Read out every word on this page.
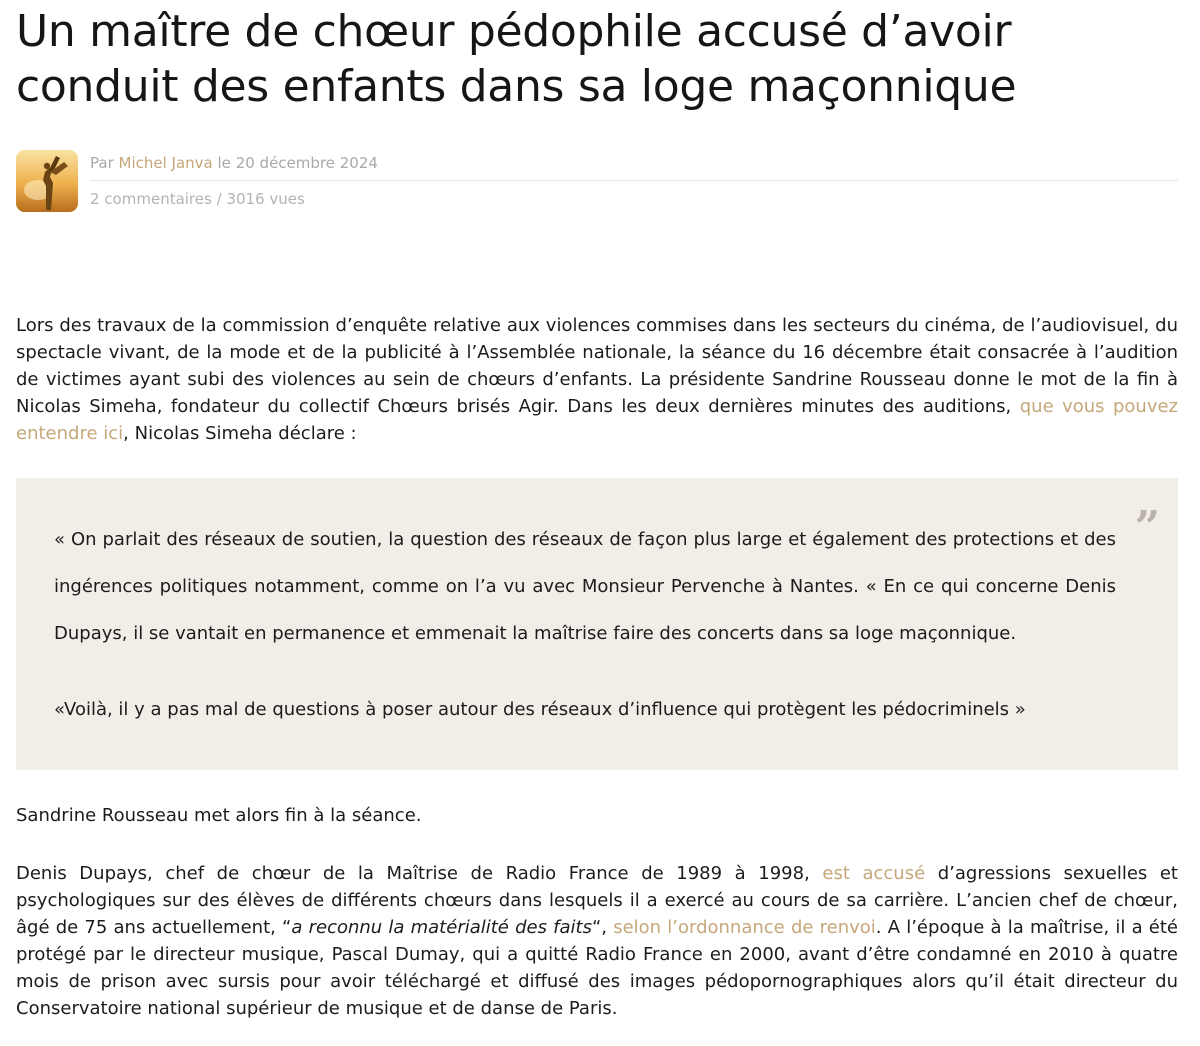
Un maître de chœur pédophile accusé d’avoir conduit des enfants dans sa loge maçonnique
Par Michel Janva le 20 décembre 2024
2 commentaires / 3016 vues

Lors des travaux de la commission d’enquête relative aux violences commises dans les secteurs du cinéma, de l’audiovisuel, du spectacle vivant, de la mode et de la publicité à l’Assemblée nationale, la séance du 16 décembre était consacrée à l’audition de victimes ayant subi des violences au sein de chœurs d’enfants. La présidente Sandrine Rousseau donne le mot de la fin à Nicolas Simeha, fondateur du collectif Chœurs brisés Agir. Dans les deux dernières minutes des auditions, que vous pouvez entendre ici, Nicolas Simeha déclare :

”

« On parlait des réseaux de soutien, la question des réseaux de façon plus large et également des protections et des ingérences politiques notamment, comme on l’a vu avec Monsieur Pervenche à Nantes. « En ce qui concerne Denis Dupays, il se vantait en permanence et emmenait la maîtrise faire des concerts dans sa loge maçonnique.

«Voilà, il y a pas mal de questions à poser autour des réseaux d’influence qui protègent les pédocriminels »

Sandrine Rousseau met alors fin à la séance.

Denis Dupays, chef de chœur de la Maîtrise de Radio France de 1989 à 1998, est accusé d’agressions sexuelles et psychologiques sur des élèves de différents chœurs dans lesquels il a exercé au cours de sa carrière. L’ancien chef de chœur, âgé de 75 ans actuellement, “a reconnu la matérialité des faits“, selon l’ordonnance de renvoi. A l’époque à la maîtrise, il a été protégé par le directeur musique, Pascal Dumay, qui a quitté Radio France en 2000, avant d’être condamné en 2010 à quatre mois de prison avec sursis pour avoir téléchargé et diffusé des images pédopornographiques alors qu’il était directeur du Conservatoire national supérieur de musique et de danse de Paris.
